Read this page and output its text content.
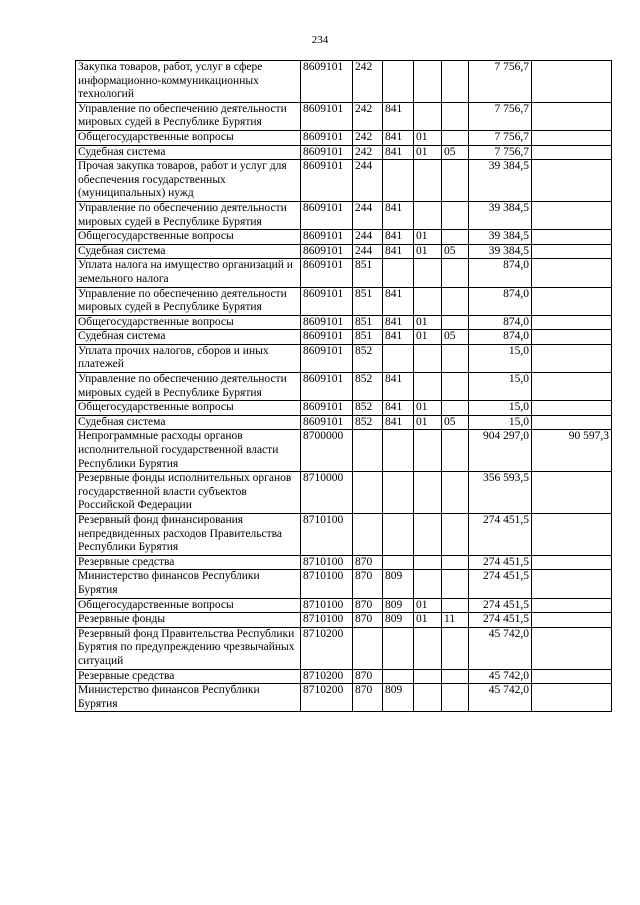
234
Закупка товаров, работ, услуг в сфере информационно-коммуникационных технологий	8609101	242				7 756,7	
Управление по обеспечению деятельности мировых судей в Республике Бурятия	8609101	242	841			7 756,7	
Общегосударственные вопросы	8609101	242	841	01		7 756,7	
Судебная система	8609101	242	841	01	05	7 756,7	
Прочая закупка товаров, работ и услуг для обеспечения государственных (муниципальных) нужд	8609101	244				39 384,5	
Управление по обеспечению деятельности мировых судей в Республике Бурятия	8609101	244	841			39 384,5	
Общегосударственные вопросы	8609101	244	841	01		39 384,5	
Судебная система	8609101	244	841	01	05	39 384,5	
Уплата налога на имущество организаций и земельного налога	8609101	851				874,0	
Управление по обеспечению деятельности мировых судей в Республике Бурятия	8609101	851	841			874,0	
Общегосударственные вопросы	8609101	851	841	01		874,0	
Судебная система	8609101	851	841	01	05	874,0	
Уплата прочих налогов, сборов и иных платежей	8609101	852				15,0	
Управление по обеспечению деятельности мировых судей в Республике Бурятия	8609101	852	841			15,0	
Общегосударственные вопросы	8609101	852	841	01		15,0	
Судебная система	8609101	852	841	01	05	15,0	
Непрограммные расходы органов исполнительной государственной власти Республики Бурятия	8700000					904 297,0	90 597,3
Резервные фонды исполнительных органов государственной власти субъектов Российской Федерации	8710000					356 593,5	
Резервный фонд финансирования непредвиденных расходов Правительства Республики Бурятия	8710100					274 451,5	
Резервные средства	8710100	870				274 451,5	
Министерство финансов Республики Бурятия	8710100	870	809			274 451,5	
Общегосударственные вопросы	8710100	870	809	01		274 451,5	
Резервные фонды	8710100	870	809	01	11	274 451,5	
Резервный фонд Правительства Республики Бурятия по предупреждению чрезвычайных ситуаций	8710200					45 742,0	
Резервные средства	8710200	870				45 742,0	
Министерство финансов Республики Бурятия	8710200	870	809			45 742,0	
